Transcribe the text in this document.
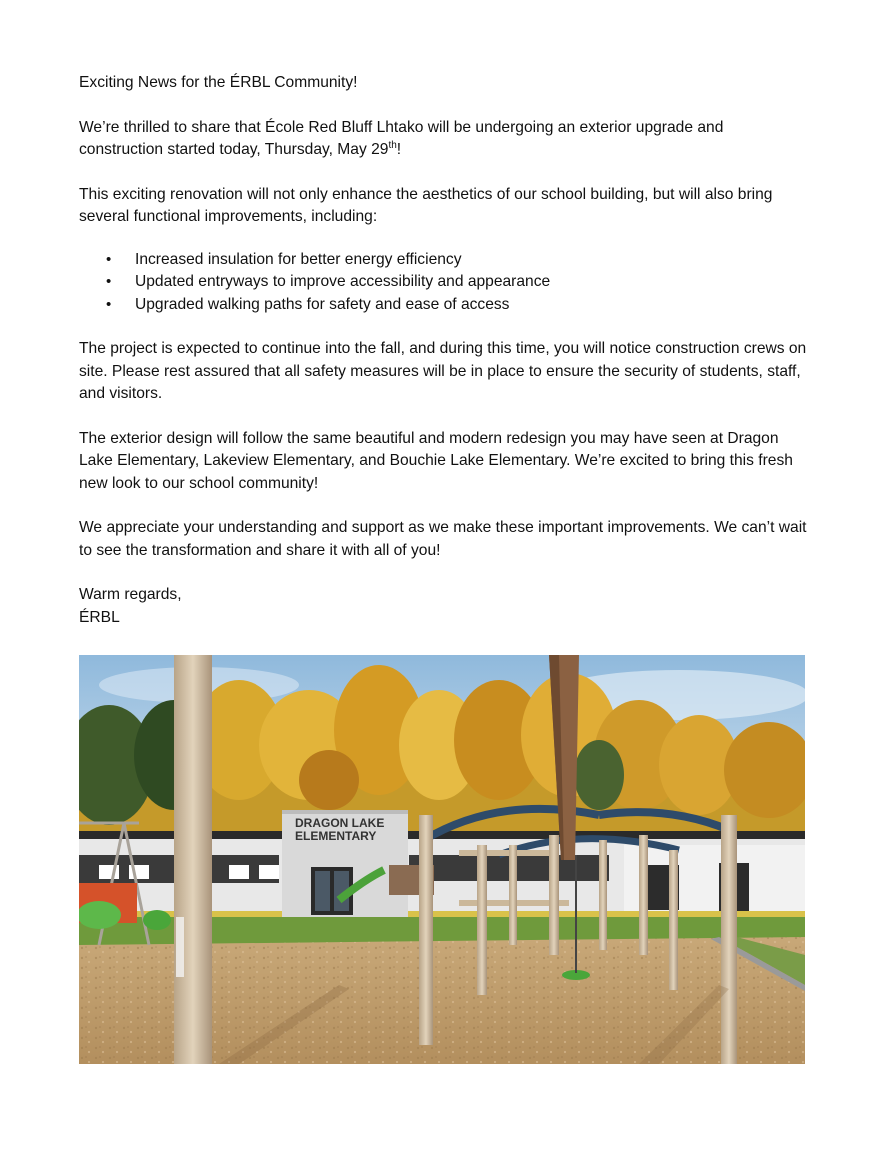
Exciting News for the ÉRBL Community!

We’re thrilled to share that École Red Bluff Lhtako will be undergoing an exterior upgrade and construction started today, Thursday, May 29th!

This exciting renovation will not only enhance the aesthetics of our school building, but will also bring several functional improvements, including:

• Increased insulation for better energy efficiency
• Updated entryways to improve accessibility and appearance
• Upgraded walking paths for safety and ease of access

The project is expected to continue into the fall, and during this time, you will notice construction crews on site. Please rest assured that all safety measures will be in place to ensure the security of students, staff, and visitors.

The exterior design will follow the same beautiful and modern redesign you may have seen at Dragon Lake Elementary, Lakeview Elementary, and Bouchie Lake Elementary. We’re excited to bring this fresh new look to our school community!

We appreciate your understanding and support as we make these important improvements. We can’t wait to see the transformation and share it with all of you!

Warm regards,

ÉRBL

DRAGON LAKE
ELEMENTARY
